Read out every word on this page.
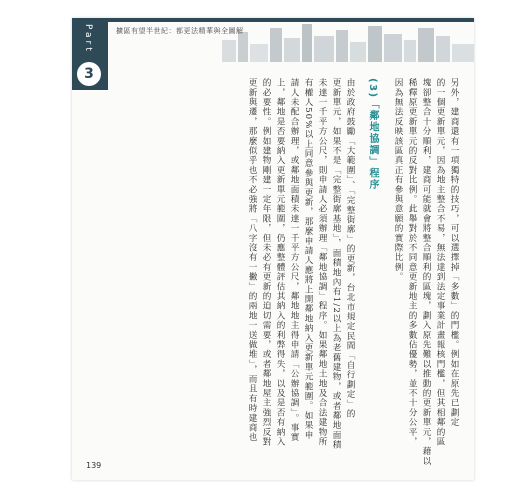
Part
3
擴區有望半世紀：都更法精華與全圖解
另外，建商還有一項獨特的技巧，可以選擇掉「多數」的門檻。例如在原先已劃定
的一個更新單元，因為地主整合不易，無法達到法定事業計畫報核門檻，但其相鄰的區
塊卻整合十分順利，建商可能就會將整合順利的區塊，劃入原先難以推動的更新單元，藉以
稀釋原更新單元的反對比例。此舉對於不同意更新地主的多數佔優勢，並不十分公平，
因為無法反映該區真正有參與意願的實際比例。
(3)「鄰地協調」程序
由於政府鼓勵「大範圍」、「完整街廓」的更新，台北市規定民間「自行劃定」的
更新單元，如果不是「完整街廓基地」，面積地內有1/2以上為老舊建物，或者鄰地面積
未達一千平方公尺，則申請人必須辦理「鄰地協調」程序。如果鄰地土地及合法建物所
有權人50%以上同意參與更新，那麼申請人應將上開鄰地納入更新單元範圍。如果申
請人未配合辦理，或鄰地面積未達一千平方公尺，鄰地地主得申請「公辦協調」。事實
上，鄰地是否要納入更新單元範圍，仍應整體評估其納入的利弊得失，以及是否有納入
的必要性。例如建物剛建一定年限，但未必有更新的迫切需要，或者鄰地屋主強烈反對
更新與遷，那麼似乎也不必強將「八字沒有一撇」的兩地一送做堆」，而且有時建商也
139
